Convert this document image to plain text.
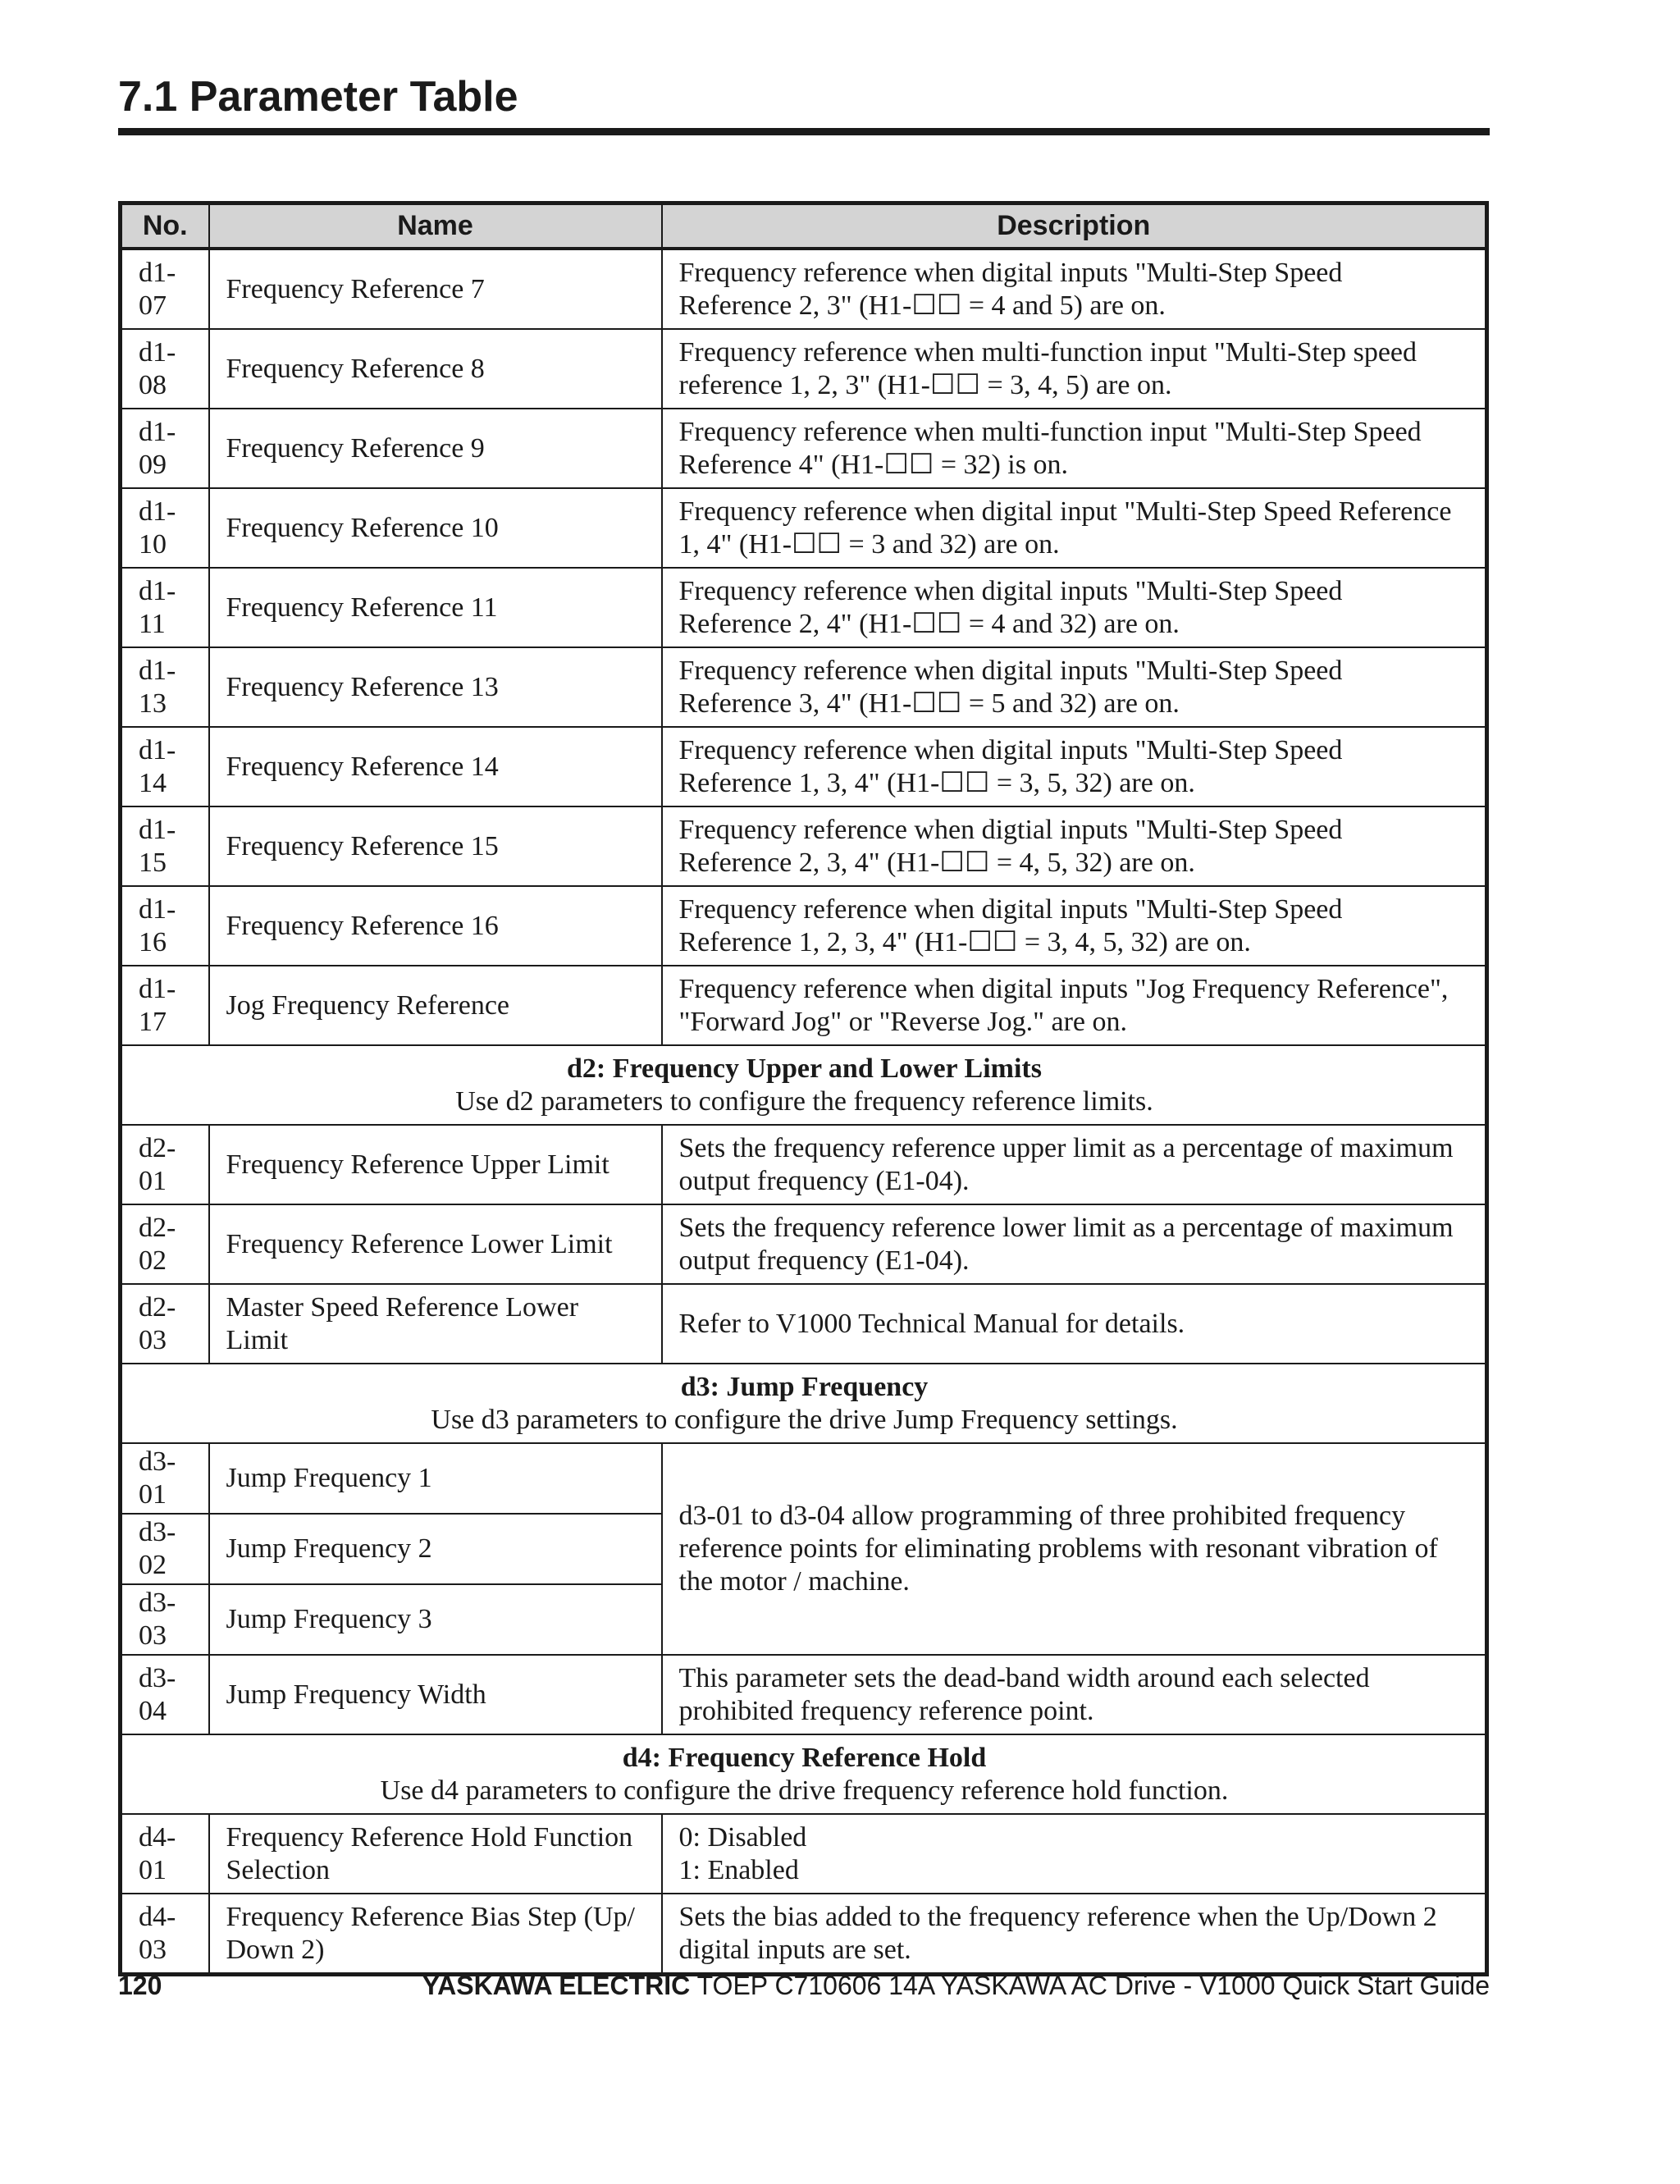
7.1 Parameter Table
No.	Name	Description
d1-07	Frequency Reference 7	Frequency reference when digital inputs "Multi-Step Speed
Reference 2, 3" (H1-☐☐ = 4 and 5) are on.

d1-08	Frequency Reference 8	Frequency reference when multi-function input "Multi-Step speed
reference 1, 2, 3" (H1-☐☐ = 3, 4, 5) are on.

d1-09	Frequency Reference 9	Frequency reference when multi-function input "Multi-Step Speed
Reference 4" (H1-☐☐ = 32) is on.

d1-10	Frequency Reference 10	Frequency reference when digital input "Multi-Step Speed Reference
1, 4" (H1-☐☐ = 3 and 32) are on.

d1-11	Frequency Reference 11	Frequency reference when digital inputs "Multi-Step Speed
Reference 2, 4" (H1-☐☐ = 4 and 32) are on.

d1-13	Frequency Reference 13	Frequency reference when digital inputs "Multi-Step Speed
Reference 3, 4" (H1-☐☐ = 5 and 32) are on.

d1-14	Frequency Reference 14	Frequency reference when digital inputs "Multi-Step Speed
Reference 1, 3, 4" (H1-☐☐ = 3, 5, 32) are on.

d1-15	Frequency Reference 15	Frequency reference when digtial inputs "Multi-Step Speed
Reference 2, 3, 4" (H1-☐☐ = 4, 5, 32) are on.

d1-16	Frequency Reference 16	Frequency reference when digital inputs "Multi-Step Speed
Reference 1, 2, 3, 4" (H1-☐☐ = 3, 4, 5, 32) are on.

d1-17	Jog Frequency Reference	Frequency reference when digital inputs "Jog Frequency Reference",
"Forward Jog" or "Reverse Jog." are on.

d2: Frequency Upper and Lower Limits
Use d2 parameters to configure the frequency reference limits.		

d2-01	Frequency Reference Upper Limit	Sets the frequency reference upper limit as a percentage of maximum
output frequency (E1-04).

d2-02	Frequency Reference Lower Limit	Sets the frequency reference lower limit as a percentage of maximum
output frequency (E1-04).

d2-03	Master Speed Reference Lower
Limit	Refer to V1000 Technical Manual for details.

d3: Jump Frequency
Use d3 parameters to configure the drive Jump Frequency settings.		

d3-01	Jump Frequency 1	d3-01 to d3-04 allow programming of three prohibited frequency
reference points for eliminating problems with resonant vibration of
the motor / machine.

d3-02	Jump Frequency 2	
d3-03	Jump Frequency 3	
d3-04	Jump Frequency Width	This parameter sets the dead-band width around each selected
prohibited frequency reference point.

d4: Frequency Reference Hold
Use d4 parameters to configure the drive frequency reference hold function.		

d4-01	Frequency Reference Hold Function
Selection	0: Disabled
1: Enabled

d4-03	Frequency Reference Bias Step (Up/
Down 2)	Sets the bias added to the frequency reference when the Up/Down 2
digital inputs are set.
120	YASKAWA ELECTRIC TOEP C710606 14A YASKAWA AC Drive - V1000 Quick Start Guide
